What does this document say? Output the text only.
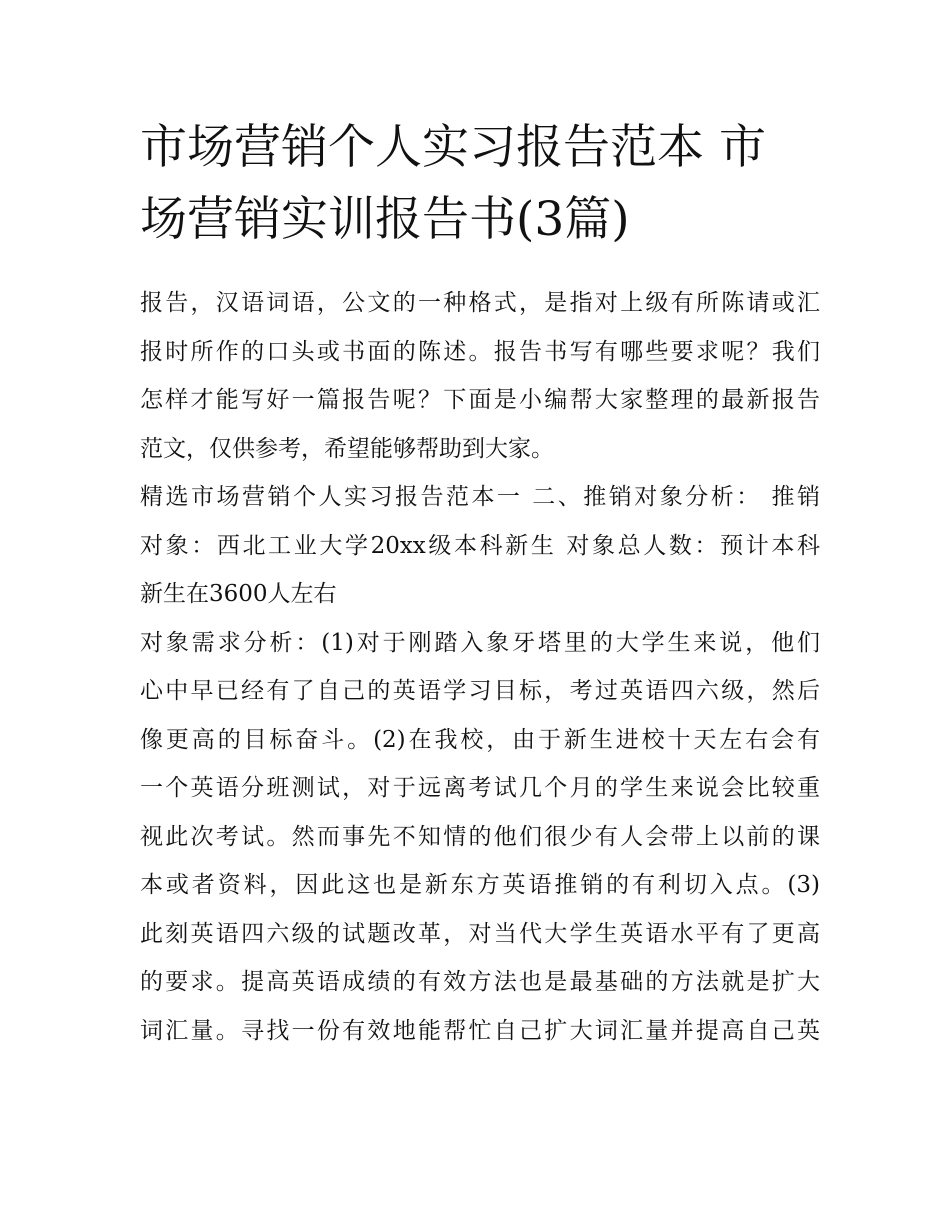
市场营销个人实习报告范本 市
场营销实训报告书(3篇)
报告，汉语词语，公文的一种格式，是指对上级有所陈请或汇
报时所作的口头或书面的陈述。报告书写有哪些要求呢？我们
怎样才能写好一篇报告呢？下面是小编帮大家整理的最新报告
范文，仅供参考，希望能够帮助到大家。
精选市场营销个人实习报告范本一 二、推销对象分析： 推销
对象：西北工业大学20xx级本科新生 对象总人数：预计本科
新生在3600人左右
对象需求分析：(1)对于刚踏入象牙塔里的大学生来说，他们
心中早已经有了自己的英语学习目标，考过英语四六级，然后
像更高的目标奋斗。(2)在我校，由于新生进校十天左右会有
一个英语分班测试，对于远离考试几个月的学生来说会比较重
视此次考试。然而事先不知情的他们很少有人会带上以前的课
本或者资料，因此这也是新东方英语推销的有利切入点。(3)
此刻英语四六级的试题改革，对当代大学生英语水平有了更高
的要求。提高英语成绩的有效方法也是最基础的方法就是扩大
词汇量。寻找一份有效地能帮忙自己扩大词汇量并提高自己英
